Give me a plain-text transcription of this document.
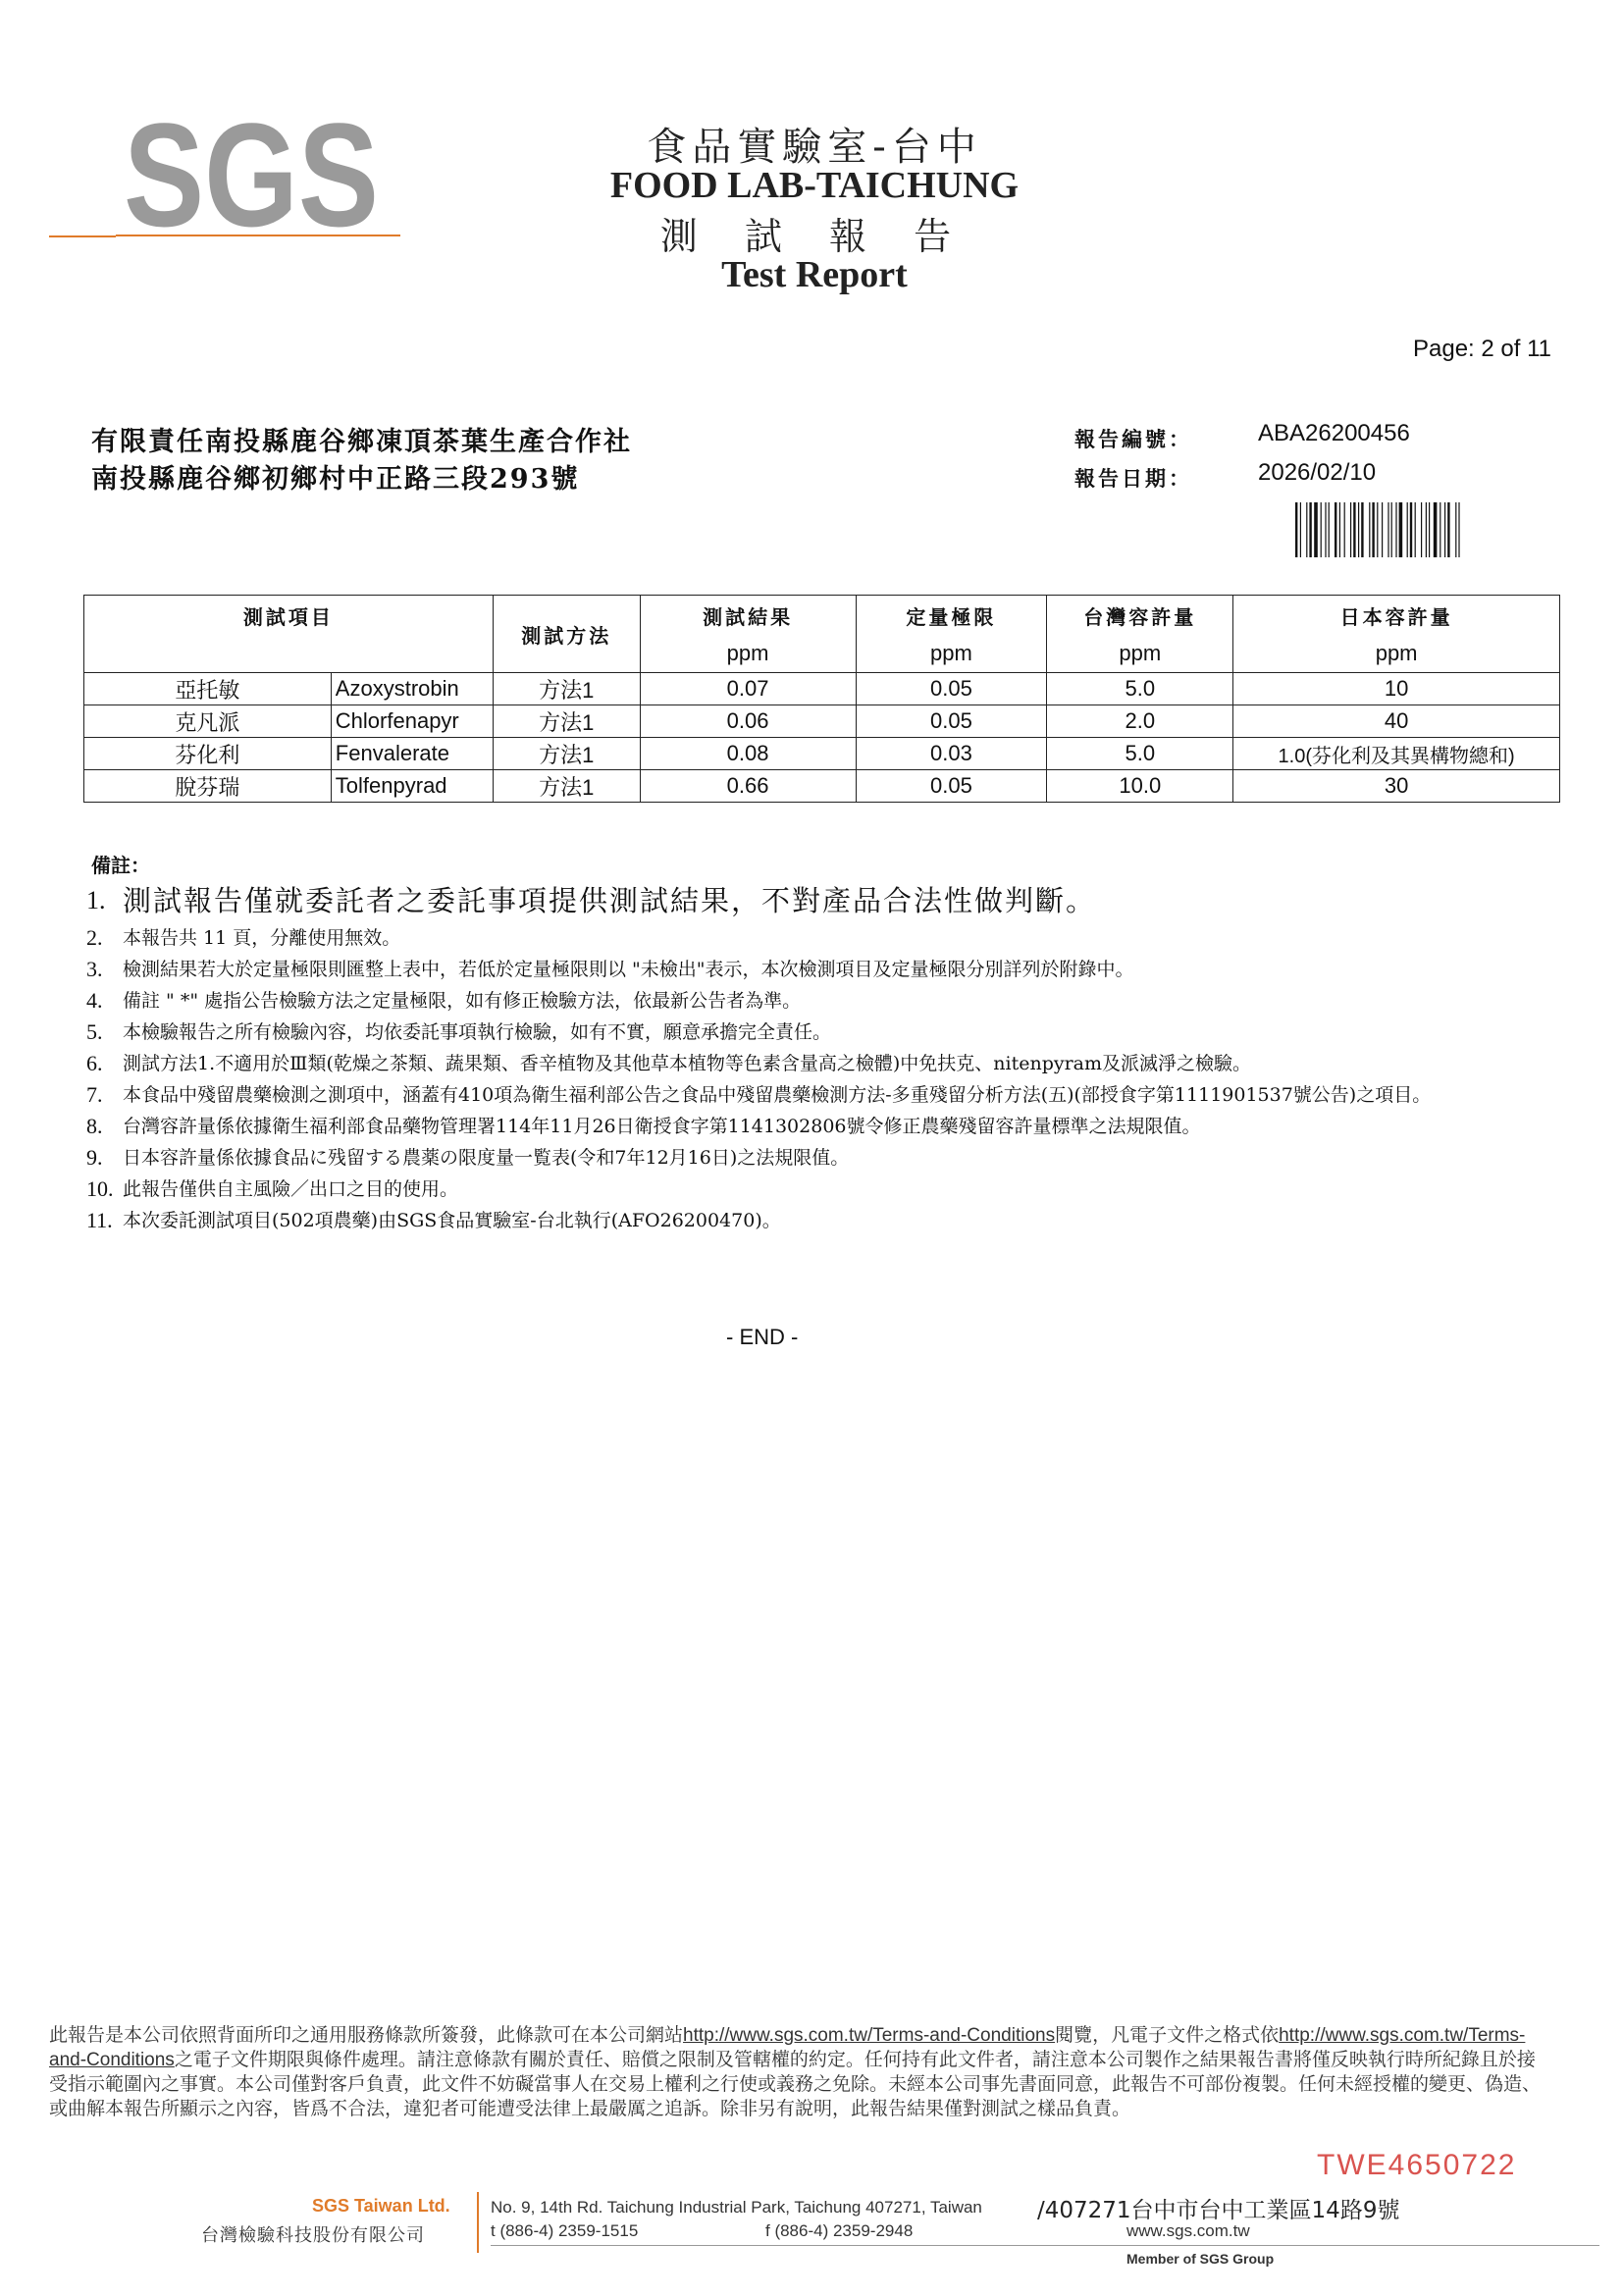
SGS	食品實驗室-台中
FOOD LAB-TAICHUNG
測 試 報 告
Test Report
Page: 2 of 11
有限責任南投縣鹿谷鄉凍頂茶葉生產合作社
南投縣鹿谷鄉初鄉村中正路三段293號
報告編號：	ABA26200456
報告日期：	2026/02/10
測試項目		測試方法	測試結果	定量極限	台灣容許量	日本容許量
			ppm	ppm	ppm	ppm
亞托敏	Azoxystrobin	方法1	0.07	0.05	5.0	10
克凡派	Chlorfenapyr	方法1	0.06	0.05	2.0	40
芬化利	Fenvalerate	方法1	0.08	0.03	5.0	1.0(芬化利及其異構物總和)
脫芬瑞	Tolfenpyrad	方法1	0.66	0.05	10.0	30
備註：
1. 測試報告僅就委託者之委託事項提供測試結果，不對產品合法性做判斷。
2.	本報告共 11 頁，分離使用無效。
3.	檢測結果若大於定量極限則匯整上表中，若低於定量極限則以 "未檢出"表示，本次檢測項目及定量極限分別詳列於附錄中。
4.	備註 " *" 處指公告檢驗方法之定量極限，如有修正檢驗方法，依最新公告者為準。
5.	本檢驗報告之所有檢驗內容，均依委託事項執行檢驗，如有不實，願意承擔完全責任。
6.	測試方法1.不適用於Ⅲ類(乾燥之茶類、蔬果類、香辛植物及其他草本植物等色素含量高之檢體)中免扶克、nitenpyram及派滅淨之檢驗。
7.	本食品中殘留農藥檢測之測項中，涵蓋有410項為衛生福利部公告之食品中殘留農藥檢測方法-多重殘留分析方法(五)(部授食字第1111901537號公告)之項目。
8.	台灣容許量係依據衛生福利部食品藥物管理署114年11月26日衛授食字第1141302806號令修正農藥殘留容許量標準之法規限值。
9.	日本容許量係依據食品に残留する農薬の限度量一覧表(令和7年12月16日)之法規限值。
10. 此報告僅供自主風險／出口之目的使用。
11. 本次委託測試項目(502項農藥)由SGS食品實驗室-台北執行(AFO26200470)。
- END -
此報告是本公司依照背面所印之通用服務條款所簽發，此條款可在本公司網站http://www.sgs.com.tw/Terms-and-Conditions閱覽，凡電子文件之格式依http://www.sgs.com.tw/Terms-and-Conditions之電子文件期限與條件處理。請注意條款有關於責任、賠償之限制及管轄權的約定。任何持有此文件者，請注意本公司製作之結果報告書將僅反映執行時所紀錄且於接受指示範圍內之事實。本公司僅對客戶負責，此文件不妨礙當事人在交易上權利之行使或義務之免除。未經本公司事先書面同意，此報告不可部份複製。任何未經授權的變更、偽造、或曲解本報告所顯示之內容，皆爲不合法，違犯者可能遭受法律上最嚴厲之追訴。除非另有說明，此報告結果僅對測試之樣品負責。
TWE4650722
SGS Taiwan Ltd.
台灣檢驗科技股份有限公司
No. 9, 14th Rd. Taichung Industrial Park, Taichung 407271, Taiwan /407271台中市台中工業區14路9號
t (886-4) 2359-1515	f (886-4) 2359-2948	www.sgs.com.tw
Member of SGS Group
